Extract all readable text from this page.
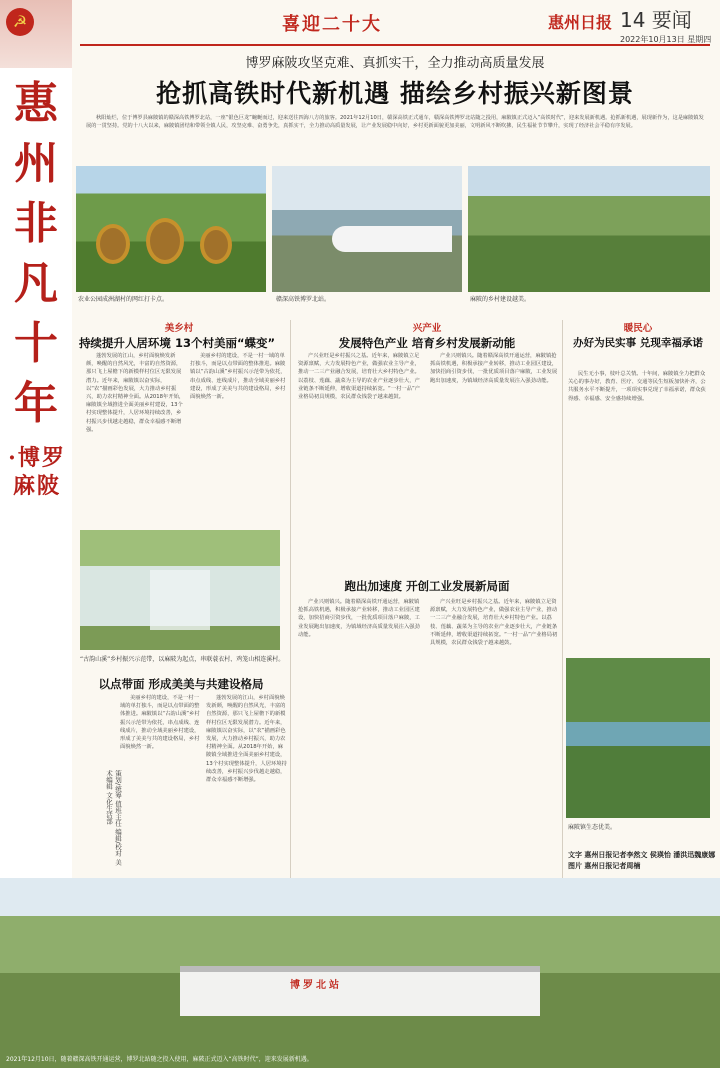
☭
惠
州
非
凡
十
年
·博罗麻陂
喜迎二十大	惠州日报 14 要闻
2022年10月13日 星期四
博罗麻陂攻坚克难、真抓实干，全力推动高质量发展
抢抓高铁时代新机遇 描绘乡村振兴新图景
秋阳灿烂，位于博罗县麻陂镇的赣深高铁博罗北站，一座“银色巨龙”蜿蜒而过，迎来送往四海八方的旅客。2021年12月10日，赣深高铁正式通车，赣深高铁博罗北站随之投用，麻陂镇正式迈入“高铁时代”，迎来发展新机遇。抢抓新机遇，展现新作为，这是麻陂镇发展的一贯坚持。党的十八大以来，麻陂镇团结和带领全镇人民，攻坚克难、奋勇争先，真抓实干，全力推动高质量发展，让产业发展稳中向好，乡村更新面貌更加美丽，文明新风不断吹拂，民生福祉节节攀升，实现了经济社会平稳有序发展。
农业公园成洲湖村的网红打卡点。	赣深高铁博罗北站。	麻陂的乡村建设越美。
美乡村
持续提升人居环境 13个村美丽“蝶变”
蓬勃发展的江山，乡村面貌焕发新颜，唤醒的自然风光，丰富的自然资源，那只飞上屋檐下的新模样村位区无限发展潜力。近年来，麻陂镇以奋实际，以“农”描画彩色发展，大力推动乡村振兴，助力农村精神全面。从2018年开始，麻陂镇全域推进全面美丽乡村建设，13个村实现整体提升，人居环境持续改善，乡村振兴步伐越走越稳，群众幸福感不断增强。
美丽乡村的建设，不是一村一域的单打独斗，而是以点带面的整体推进。麻陂镇以“古韵山溪”乡村振兴示范带为依托，串点成线、连线成片，推动全域美丽乡村建设，形成了美美与共的建设格局，乡村面貌焕然一新。
兴产业
发展特色产业 培育乡村发展新动能
产兴业旺是乡村振兴之基。近年来，麻陂镇立足资源禀赋，大力发展特色产业，做强农业主导产业，推动一二三产业融合发展，培育壮大乡村特色产业。以荔枝、莲藕、蔬菜为主导的农业产业逐步壮大，产业链条不断延伸，增收渠道持续拓宽。“一村一品”产业格局初具规模，农民群众钱袋子越来越鼓。
产业兴则镇兴。随着赣深高铁开通运营，麻陂镇抢抓高铁机遇，积极承接产业转移，推动工业园区建设，加快招商引资步伐，一批优质项目落户麻陂，工业发展跑出加速度，为镇域经济高质量发展注入强劲动能。
暖民心
办好为民实事 兑现幸福承诺
民生无小事，枝叶总关情。十年间，麻陂镇全力把群众关心的事办好，教育、医疗、交通等民生短板加快补齐，公共服务水平不断提升，一项项实事兑现了幸福承诺，群众获得感、幸福感、安全感持续增强。
“古韵山溪”乡村振兴示范带，以麻陂为起点，串联蓑衣村、鸡笼山相连溪村。
以点带面 形成美美与共建设格局
美丽乡村的建设，不是一村一域的单打独斗，而是以点带面的整体推进。麻陂镇以“古韵山溪”乡村振兴示范带为依托，串点成线、连线成片，推动全域美丽乡村建设，形成了美美与共的建设格局，乡村面貌焕然一新。
蓬勃发展的江山，乡村面貌焕发新颜，唤醒的自然风光，丰富的自然资源，那只飞上屋檐下的新模样村位区无限发展潜力。近年来，麻陂镇以奋实际，以“农”描画彩色发展，大力推动乡村振兴，助力农村精神全面。从2018年开始，麻陂镇全域推进全面美丽乡村建设，13个村实现整体提升，人居环境持续改善，乡村振兴步伐越走越稳，群众幸福感不断增强。
跑出加速度 开创工业发展新局面
产业兴则镇兴。随着赣深高铁开通运营，麻陂镇抢抓高铁机遇，积极承接产业转移，推动工业园区建设，加快招商引资步伐，一批优质项目落户麻陂，工业发展跑出加速度，为镇域经济高质量发展注入强劲动能。
产兴业旺是乡村振兴之基。近年来，麻陂镇立足资源禀赋，大力发展特色产业，做强农业主导产业，推动一二三产业融合发展，培育壮大乡村特色产业。以荔枝、莲藕、蔬菜为主导的农业产业逐步壮大，产业链条不断延伸，增收渠道持续拓宽。“一村一品”产业格局初具规模，农民群众钱袋子越来越鼓。
策划/统筹 值班主任 编辑/校对 美术编辑 文化生活部
麻陂镇生态优美。
文字 惠州日报记者李然文 侯瑛怡 潘洪迅魏康娜
图片 惠州日报记者周楠
博罗北站
2021年12月10日，随着赣深高铁开通运营，博罗北站随之投入使用，麻陂正式迈入“高铁时代”，迎来发展新机遇。
